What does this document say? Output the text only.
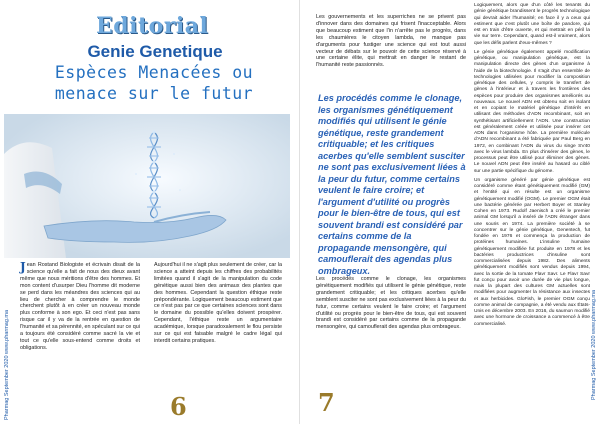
Editorial
Genie Genetique
Espèces Menacées ou
menace sur le futur
Jean Rostand Biologiste et écrivain disait de la science qu'elle a fait de nous des dieux avant même que nous méritions d'être des hommes. Et mon content d'usurper Dieu l'homme dit moderne se perd dans les méandres des sciences qui au lieu de chercher à comprendre le monde cherchent plutôt à en créer un nouveau monde plus conforme à son ego. Et ceci n'est pas sans risque car il y va de la rentrée en question de l'humanité et sa pérennité, en spéculant sur ce qui a toujours été considéré comme sacré la vie et tout ce qu'elle sous-entend comme droits et obligations.
Aujourd'hui il ne s'agit plus seulement de créer, car la science a atteint depuis les chiffres des probabilités limitées quand il s'agit de la manipulation du code génétique aussi bien des animaux des plantes que des hommes. Cependant la question éthique reste prépondérante. Logiquement beaucoup estiment que ce n'est pas par ce que certaines sciences sont dans le domaine du possible qu'elles doivent prospérer. Cependant, l'éthique reste un argumentaire académique, lorsque paradoxalement le flou persiste sur ce qui est faisable malgré le cadre légal qui interdit certains pratiques.
6
Pharmag September 2020 www.pharmag.ma
Les gouvernements et les superriches ne se privent pas d'innover dans des domaines qui frisent l'inacceptable. Alors que beaucoup estiment que l'in n'arrête pas le progrès, dans les chaumières le citoyen lambda, ne manque pas d'arguments pour fustiger une science qui est tout aussi vecteur de débats sur le pouvoir de cette science réservé à une certaine élite, qui mettrait en danger le restant de l'humanité reste passionnés.
Les procédés comme le clonage, les organismes génétiquement modifiés qui utilisent le génie génétique, reste grandement critiquable; et les critiques acerbes qu'elle semblent susciter ne sont pas exclusivement liées à la peur du futur, comme certains veulent le faire croire; et l'argument d'utilité ou progrès pour le bien-être de tous, qui est souvent brandi est considéré par certains comme de la propagande mensongère, qui camouflerait des agendas plus ombrageux.

Logiquement, alors que d'un côté les tenants du génie génétique brandissent le progrès technologique qui devrait aider l'humanité; en face il y a ceux qui estiment que c'est plutôt une boîte de pandore, qui est en train d'être ouverte, et qui mettrait en péril la vie sur terre. Cependant, quand est-il vraiment, alors que les défis parlent d'eux-mêmes ?

Le génie génétique également appelé modification génétique, ou manipulation génétique, est la manipulation directe des gènes d'un organisme à l'aide de la biotechnologie. Il s'agit d'un ensemble de technologies utilisées pour modifier la composition génétique des cellules, y compris le transfert de gènes à l'intérieur et à travers les frontières des espèces pour produire des organismes améliorés ou nouveaux. Le nouvel ADN est obtenu soit en isolant et en copiant le matériel génétique d'intérêt en utilisant des méthodes d'ADN recombinant, soit en synthétisant artificiellement l'ADN. Une construction est généralement créée et utilisée pour insérer cet ADN dans l'organisme hôte. La première molécule d'ADN recombinant a été fabriquée par Paul Berg en 1972, en combinant l'ADN du virus du singe SV40 avec le virus lambda. En plus d'insérer des gènes, le processus peut être utilisé pour éliminer des gènes. Le nouvel ADN peut être inséré au hasard ou ciblé sur une partie spécifique du génome.

Un organisme généré par génie génétique est considéré comme étant génétiquement modifié (GM) et l'entité qui en résulte est un organisme génétiquement modifié (OGM). Le premier OGM était une bactérie générée par Herbert Boyer et Stanley Cohen en 1973. Rudolf Jaenisch a créé le premier animal GM lorsqu'il a inséré de l'ADN étranger dans une souris en 1974. La première société à se concentrer sur le génie génétique, Genentech, fut fondée en 1976 et commença la production de protéines humaines. L'insuline humaine génétiquement modifiée fut produite en 1978 et les bactéries productrices d'insuline sont commercialisées depuis 1982. Des aliments génétiquement modifiés sont vendus depuis 1994, avec la sortie de la tomate Flavr Savr. Le Flavr Savr fut conçu pour avoir une durée de vie plus longue, mais la plupart des cultures GM actuelles sont modifiées pour augmenter la résistance aux insectes et aux herbicides. GloFish, le premier OGM conçu comme animal de compagnie, a été vendu aux États-Unis en décembre 2003. En 2016, du saumon modifié avec une hormone de croissance a commencé à être commercialisé.

7
Pharmag September 2020 www.pharmag.ma

Les procédés comme le clonage, les organismes génétiquement modifiés qui utilisent le génie génétique, reste grandement critiquable; et les critiques acerbes qu'elle semblent susciter ne sont pas exclusivement liées à la peur du futur, comme certains veulent le faire croire; et l'argument d'utilité ou progrès pour le bien-être de tous, qui est souvent brandi est considéré par certains comme de la propagande mensongère, qui camouflerait des agendas plus ombrageux.
